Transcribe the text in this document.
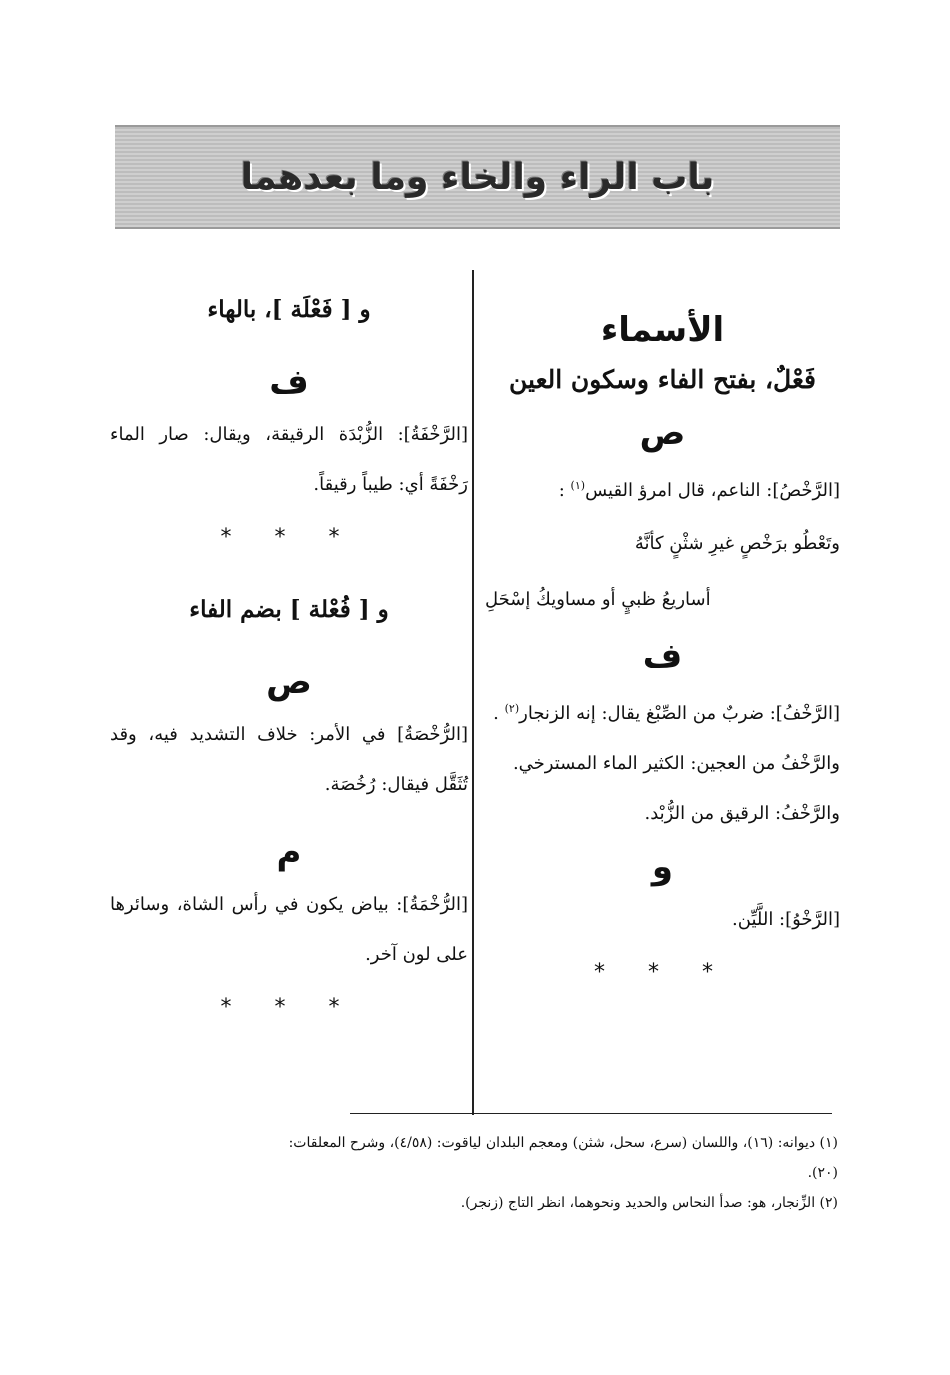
باب الراء والخاء وما بعدهما

الأسماء

فَعْلٌ، بفتح الفاء وسكون العين

ص

[الرَّخْصُ]: الناعم، قال امرؤ القيس$^{(١)}$ :

وتَعْطُو برَخْصٍ غيرِ شثْنٍ كأنَّهُ

أساريعُ ظبيٍ أو مساويكُ إسْحَلِ

ف

[الرَّخْفُ]: ضربٌ من الصِّبْغ يقال: إنه الزنجار$^{(٢)}$ .

والرَّخْفُ من العجين: الكثير الماء المسترخي.

والرَّخْفُ: الرقيق من الزُّبْد.

و

[الرَّخْوُ]: اللَّيِّن.

* * *

و [ فَعْلَة ]، بالهاء

ف

[الرَّخْفَةُ]: الزُّبْدَة الرقيقة، ويقال: صار الماء رَخْفَةً أي: طيباً رقيقاً.

* * *

و [ فُعْلة ] بضم الفاء

ص

[الرُّخْصَةُ] في الأمر: خلاف التشديد فيه، وقد تُثَقَّل فيقال: رُخُصَة.

م

[الرُّخْمَةُ]: بياض يكون في رأس الشاة، وسائرها على لون آخر.

* * *

(١) ديوانه: (١٦)، واللسان (سرع، سحل، شثن) ومعجم البلدان لياقوت: (٤/٥٨)، وشرح المعلقات:

(٢٠).

(٢) الزِّنجار، هو: صدأ النحاس والحديد ونحوهما، انظر التاج (زنجر).
